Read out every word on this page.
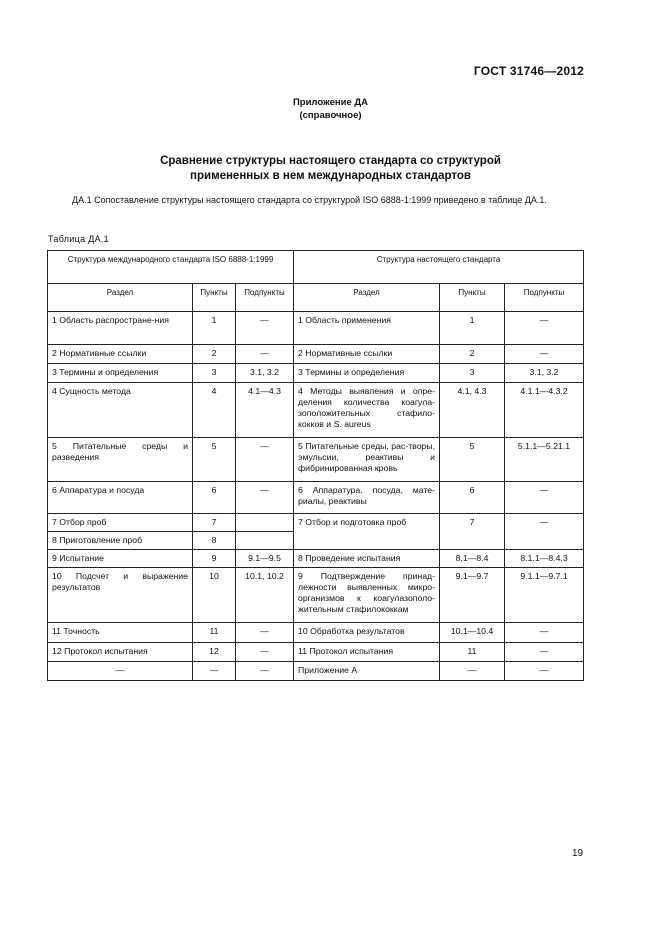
ГОСТ 31746—2012
Приложение ДА
(справочное)
Сравнение структуры настоящего стандарта со структурой
примененных в нем международных стандартов
ДА.1 Сопоставление структуры настоящего стандарта со структурой ISO 6888-1:1999 приведено в таблице ДА.1.
Таблица ДА.1
Структура международного стандарта ISO 6888-1:1999			Структура настоящего стандарта		
Раздел	Пункты	Подпункты	Раздел	Пункты	Подпункты
1 Область распростране-ния	1	—	1 Область применения	1	—
2 Нормативные ссылки	2	—	2 Нормативные ссылки	2	—
3 Термины и определения	3	3.1, 3.2	3 Термины и определения	3	3.1, 3.2
4 Сущность метода	4	4.1—4.3	4 Методы выявления и опре-деления количества коагула-зоположительных стафило-кокков и S. aureus	4.1, 4.3	4.1.1—4.3.2
5 Питательные среды и разведения	5	—	5 Питательные среды, рас-творы, эмульсии, реактивы и фибринированная кровь	5	5.1.1—5.21.1
6 Аппаратура и посуда	6	—	6 Аппаратура, посуда, мате-риалы, реактивы	6	—
7 Отбор проб	7		7 Отбор и подготовка проб	7	—
8 Приготовление проб	8				
9 Испытание	9	9.1—9.5	8 Проведение испытания	8.1—8.4	8.1.1—8.4.3
10 Подсчет и выражение результатов	10	10.1, 10.2	9 Подтверждение принад-лежности выявленных микро-организмов к коагулазополо-жительным стафилококкам	9.1—9.7	9.1.1—9.7.1
11 Точность	11	—	10 Обработка результатов	10.1—10.4	—
12 Протокол испытания	12	—	11 Протокол испытания	11	—
—	—	—	Приложение А	—	—
19
